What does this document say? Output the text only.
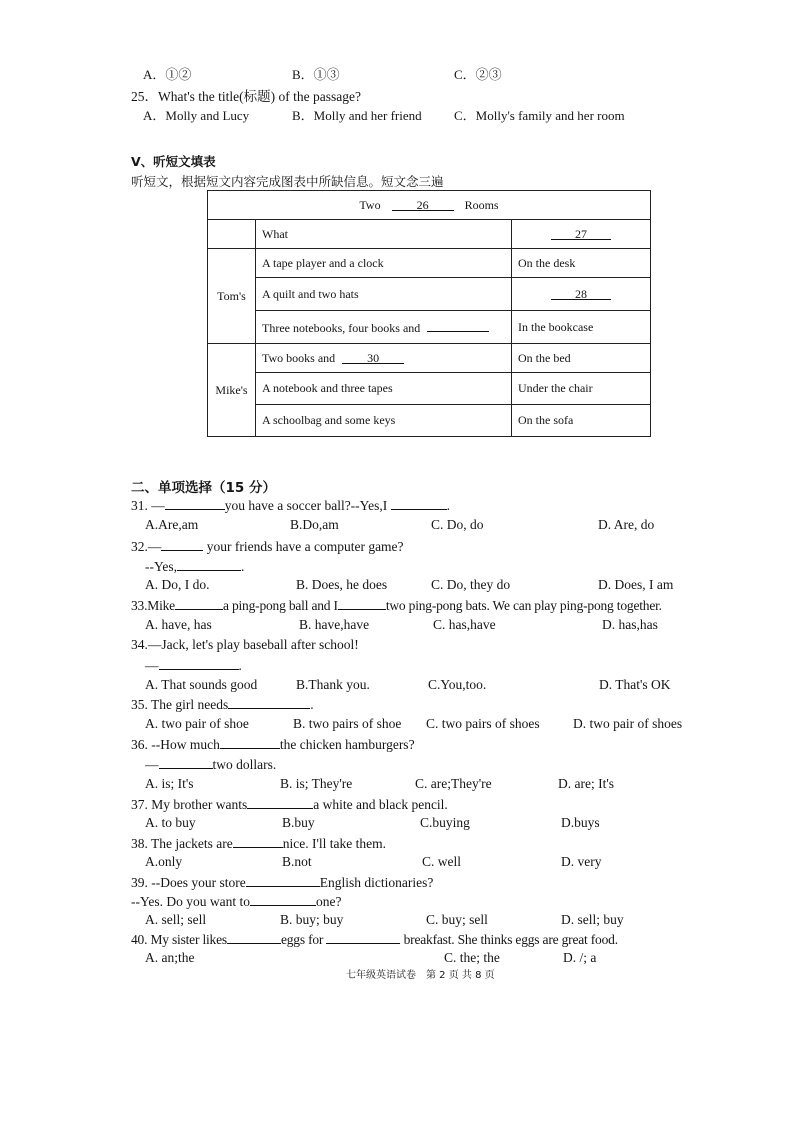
A．①②	B．①③	C．②③
25．What's the title(标题) of the passage?
A．Molly and Lucy	B．Molly and her friend C．Molly's family and her room
V、听短文填表
听短文，根据短文内容完成图表中所缺信息。短文念三遍
Two 26 Rooms		
	What	27
Tom's	A tape player and a clock	On the desk
	A quilt and two hats	28
	Three notebooks, four books and	In the bookcase
Mike's	Two books and 30	On the bed
	A notebook and three tapes	Under the chair
	A schoolbag and some keys	On the sofa
二、单项选择（15 分）
31. —	you have a soccer ball?--Yes,I	.
A.Are,am	B.Do,am	C. Do, do	D. Are, do
32.—	your friends have a computer game?
--Yes,	.
A. Do, I do.	B. Does, he does	C. Do, they do	D. Does, I am
33.Mike	a ping-pong ball and I	two ping-pong bats. We can play ping-pong together.
A. have, has	B. have,have	C. has,have	D. has,has
34.—Jack, let's play baseball after school!
—	.
A. That sounds good	B.Thank you.	C.You,too.	D. That's OK
35. The girl needs	.
A. two pair of shoe	B. two pairs of shoe C. two pairs of shoes D. two pair of shoes
36. --How much	the chicken hamburgers?
—	two dollars.
A. is; It's	B. is; They're	C. are;They're	D. are; It's
37. My brother wants	a white and black pencil.
A. to buy	B.buy	C.buying	D.buys
38. The jackets are	nice. I'll take them.
A.only	B.not	C. well	D. very
39. --Does your store	English dictionaries?
--Yes. Do you want to	one?
A. sell; sell	B. buy; buy	C. buy; sell	D. sell; buy
40. My sister likes	eggs for	breakfast. She thinks eggs are great food.
A. an;the	C. the; the	D. /; a
七年级英语试卷　第 2 页 共 8 页
